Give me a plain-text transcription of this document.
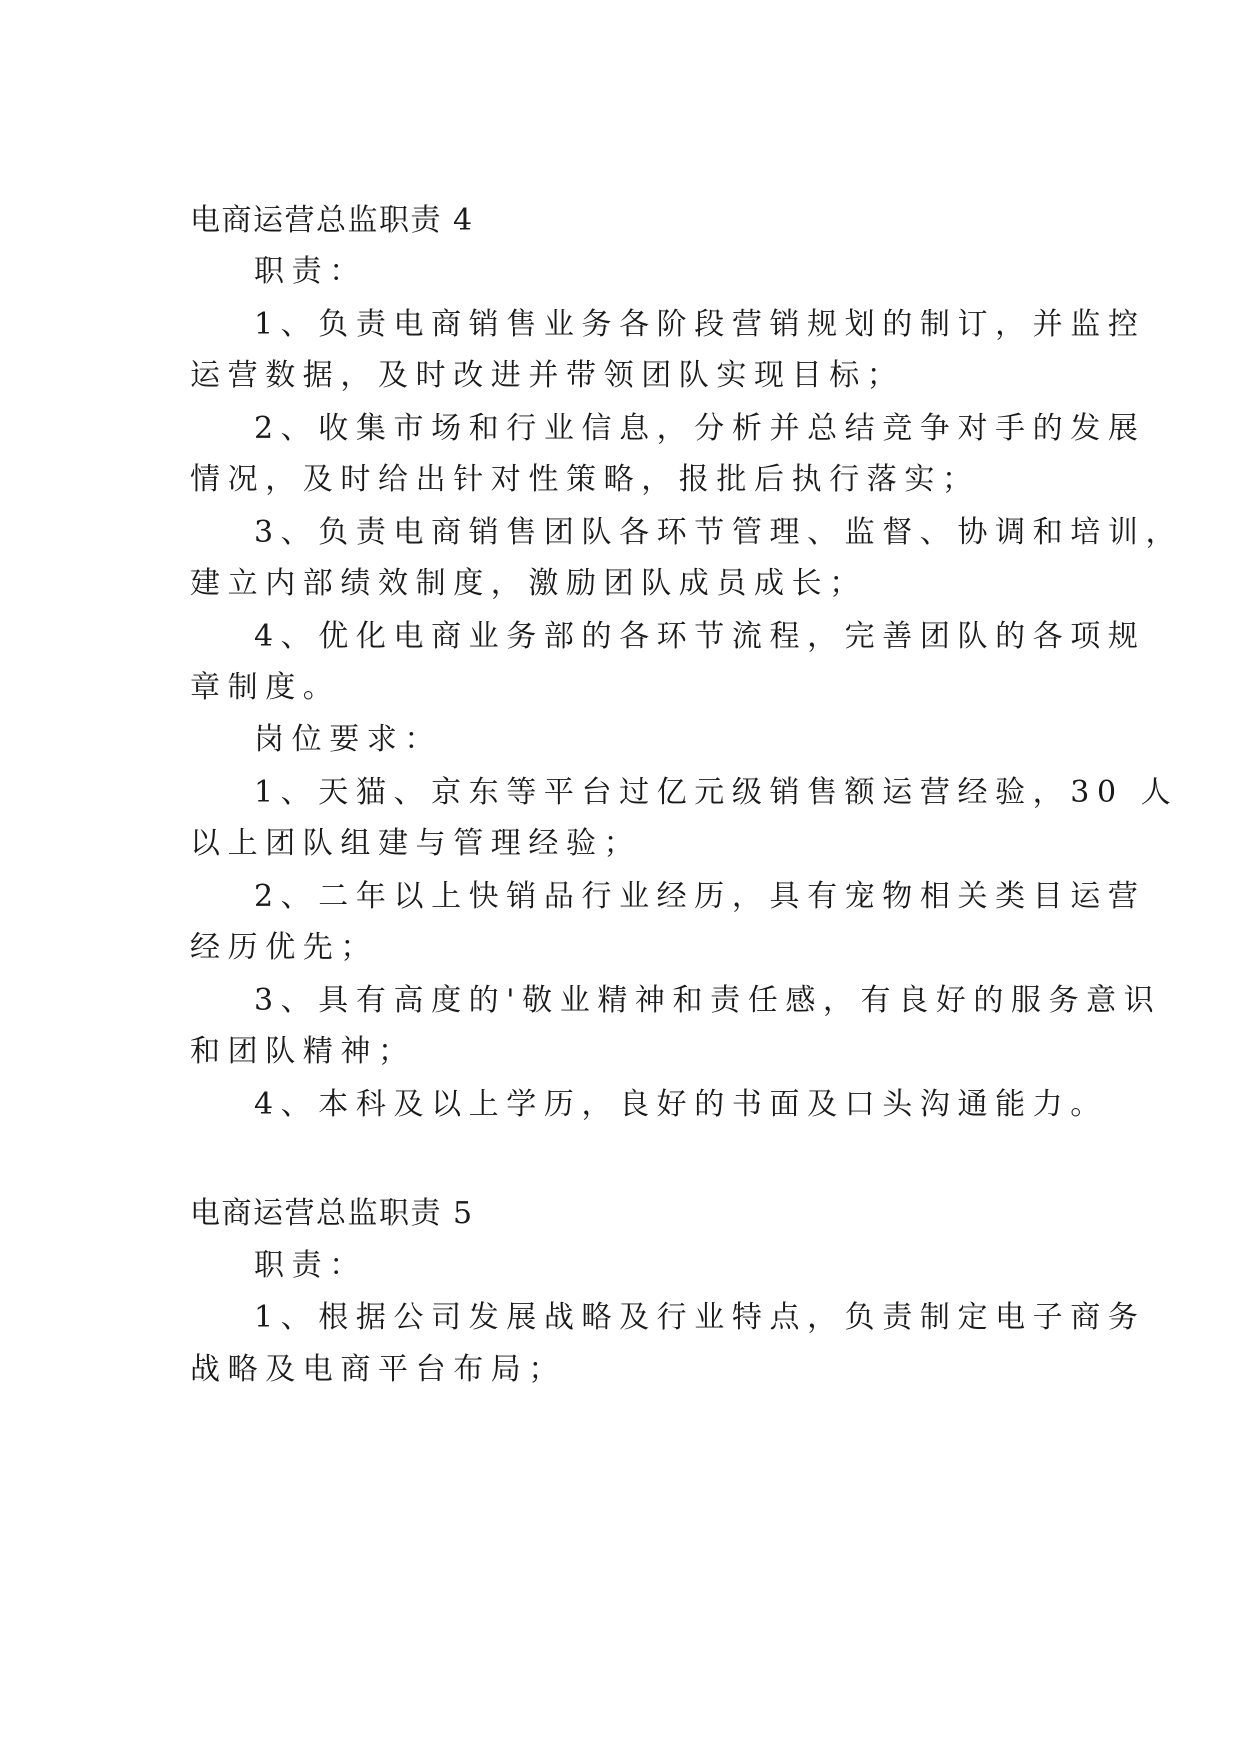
电商运营总监职责 4
职责：
1、负责电商销售业务各阶段营销规划的制订，并监控
运营数据，及时改进并带领团队实现目标；
2、收集市场和行业信息，分析并总结竞争对手的发展
情况，及时给出针对性策略，报批后执行落实；
3、负责电商销售团队各环节管理、监督、协调和培训，
建立内部绩效制度，激励团队成员成长；
4、优化电商业务部的各环节流程，完善团队的各项规
章制度。
岗位要求：
1、天猫、京东等平台过亿元级销售额运营经验，30 人
以上团队组建与管理经验；
2、二年以上快销品行业经历，具有宠物相关类目运营
经历优先；
3、具有高度的'敬业精神和责任感，有良好的服务意识
和团队精神；
4、本科及以上学历，良好的书面及口头沟通能力。
电商运营总监职责 5
职责：
1、根据公司发展战略及行业特点，负责制定电子商务
战略及电商平台布局；
